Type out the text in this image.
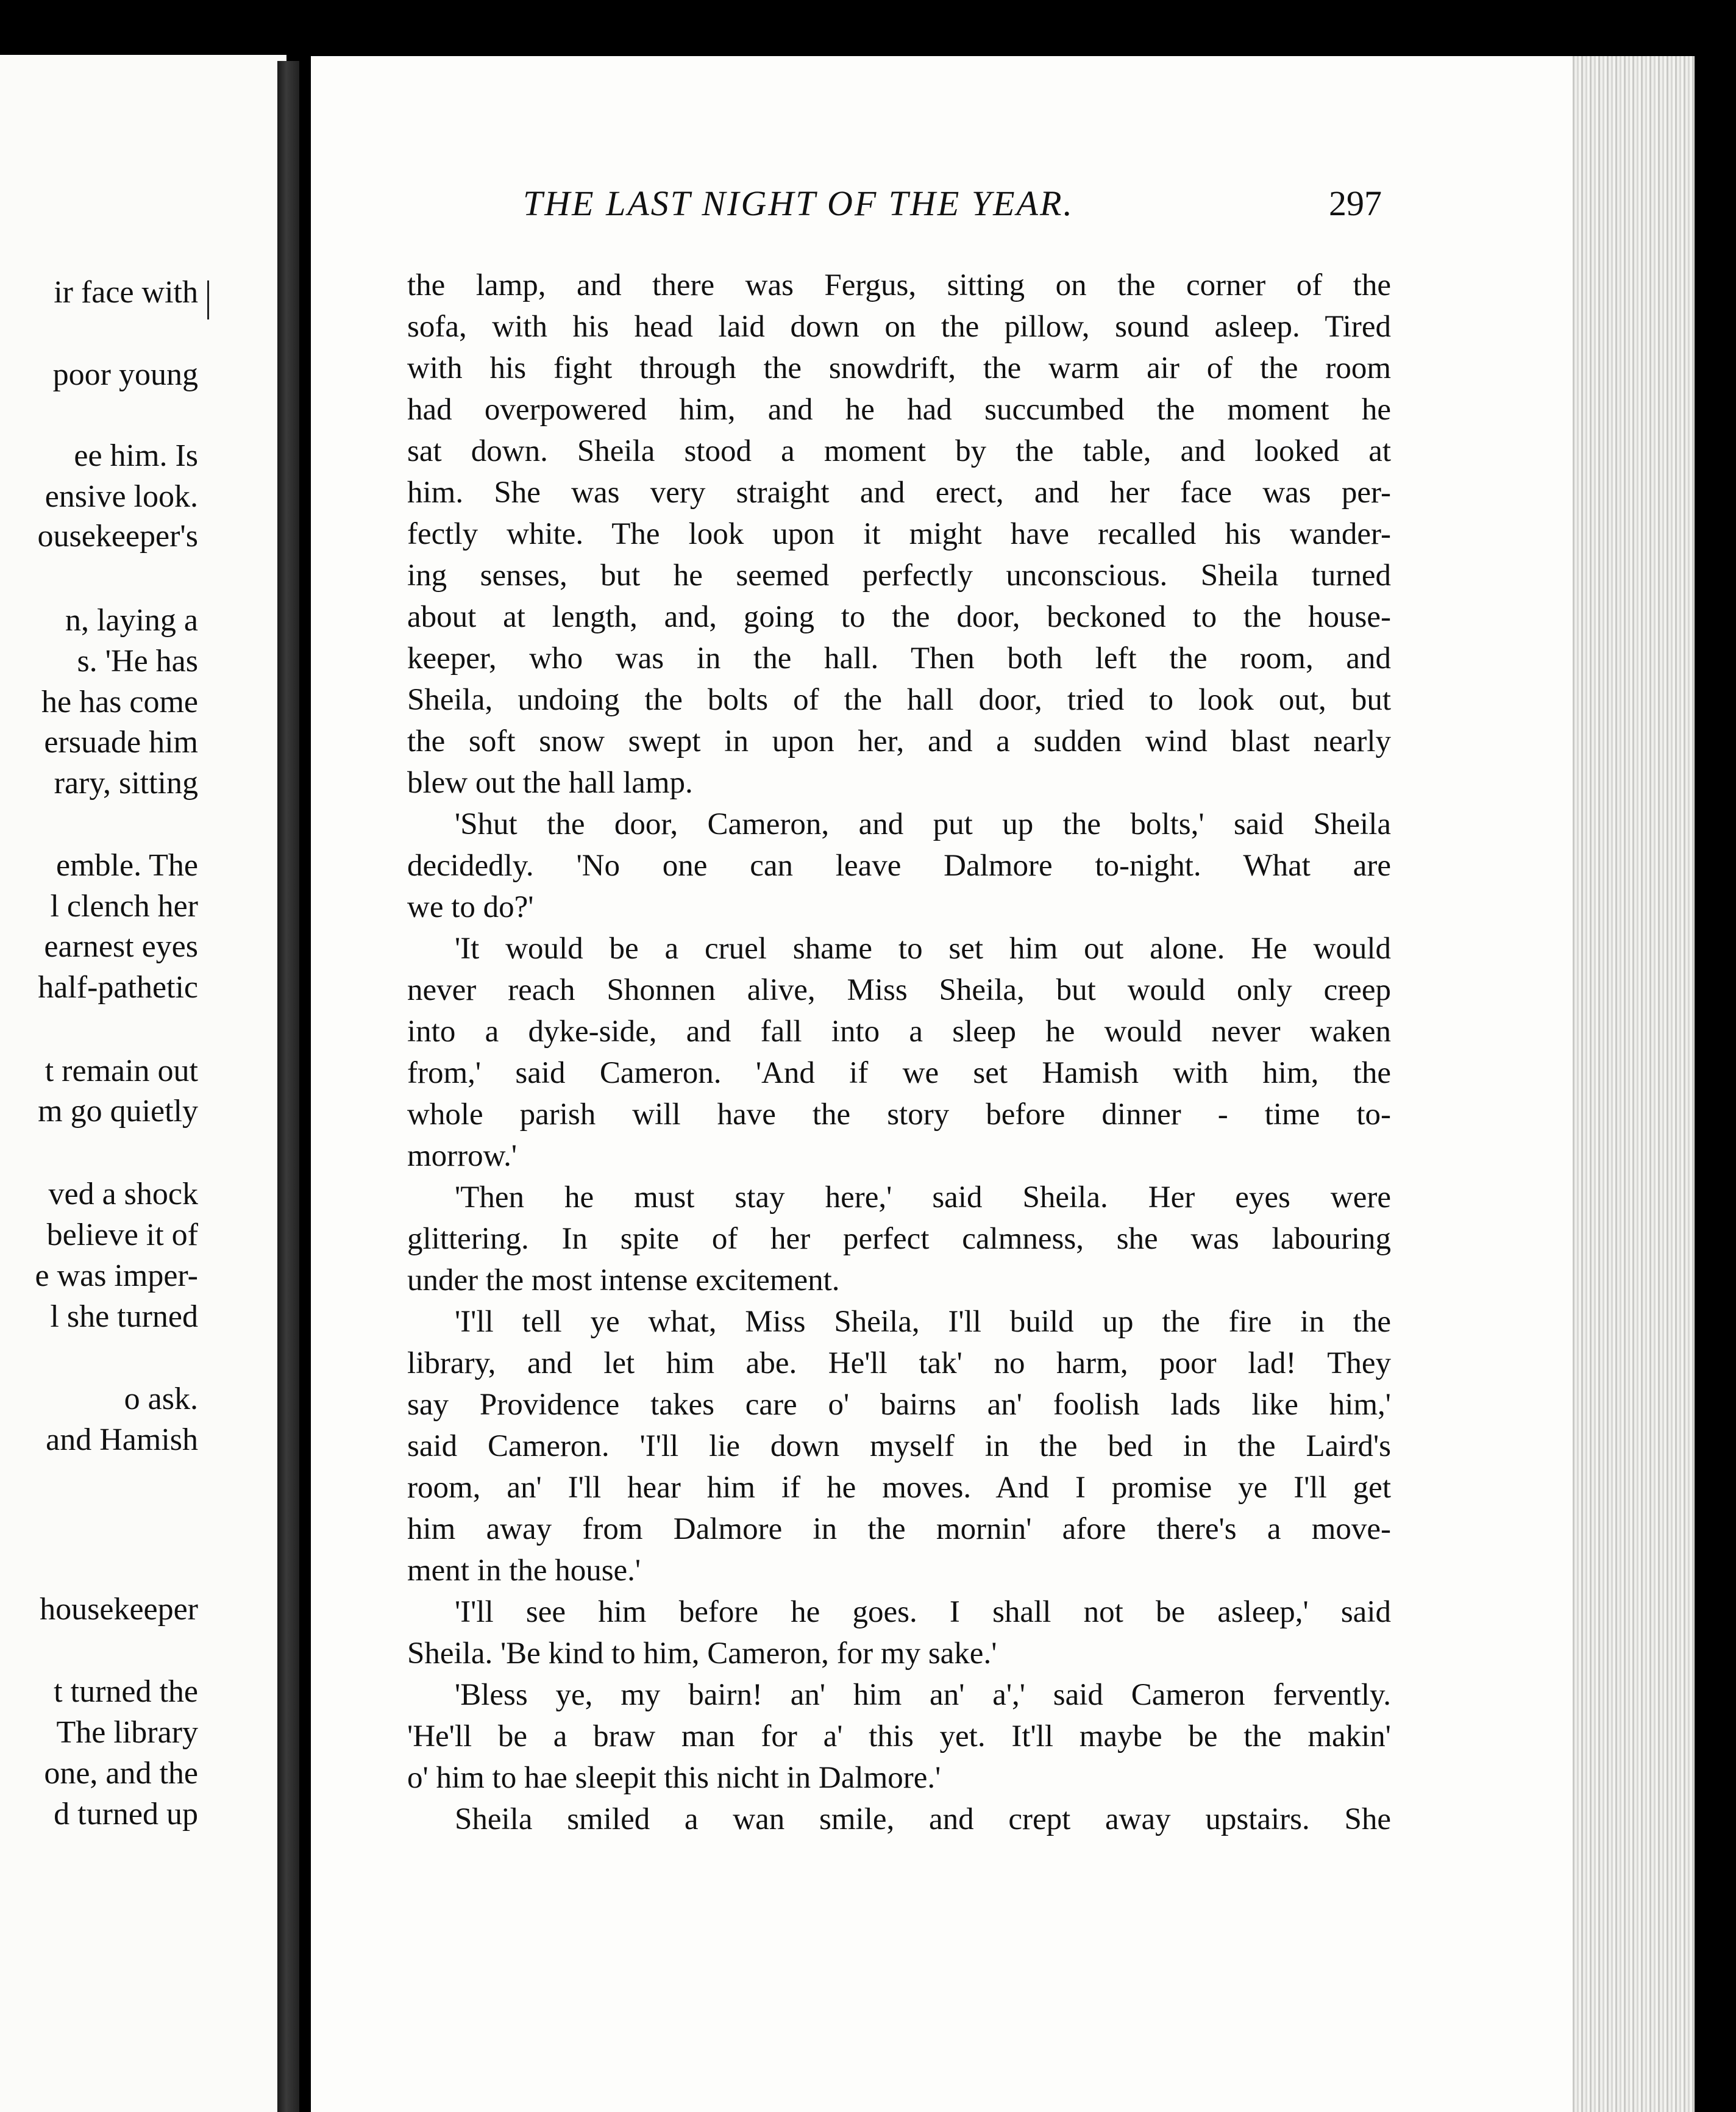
ir face with

poor young

ee him. Is

ensive look.

ousekeeper's

n, laying a

s. 'He has

he has come

ersuade him

rary, sitting

emble. The

l clench her

earnest eyes

half-pathetic

t remain out

m go quietly

ved a shock

believe it of

e was imper-

l she turned

o ask.

and Hamish

housekeeper

t turned the

The library

one, and the

d turned up

THE LAST NIGHT OF THE YEAR.	297

the lamp, and there was Fergus, sitting on the corner of the

sofa, with his head laid down on the pillow, sound asleep. Tired

with his fight through the snowdrift, the warm air of the room

had overpowered him, and he had succumbed the moment he

sat down. Sheila stood a moment by the table, and looked at

him. She was very straight and erect, and her face was per-

fectly white. The look upon it might have recalled his wander-

ing senses, but he seemed perfectly unconscious. Sheila turned

about at length, and, going to the door, beckoned to the house-

keeper, who was in the hall. Then both left the room, and

Sheila, undoing the bolts of the hall door, tried to look out, but

the soft snow swept in upon her, and a sudden wind blast nearly

blew out the hall lamp.

'Shut the door, Cameron, and put up the bolts,' said Sheila

decidedly. 'No one can leave Dalmore to-night. What are

we to do?'

'It would be a cruel shame to set him out alone. He would

never reach Shonnen alive, Miss Sheila, but would only creep

into a dyke-side, and fall into a sleep he would never waken

from,' said Cameron. 'And if we set Hamish with him, the

whole parish will have the story before dinner - time to-

morrow.'

'Then he must stay here,' said Sheila. Her eyes were

glittering. In spite of her perfect calmness, she was labouring

under the most intense excitement.

'I'll tell ye what, Miss Sheila, I'll build up the fire in the

library, and let him abe. He'll tak' no harm, poor lad! They

say Providence takes care o' bairns an' foolish lads like him,'

said Cameron. 'I'll lie down myself in the bed in the Laird's

room, an' I'll hear him if he moves. And I promise ye I'll get

him away from Dalmore in the mornin' afore there's a move-

ment in the house.'

'I'll see him before he goes. I shall not be asleep,' said

Sheila. 'Be kind to him, Cameron, for my sake.'

'Bless ye, my bairn! an' him an' a',' said Cameron fervently.

'He'll be a braw man for a' this yet. It'll maybe be the makin'

o' him to hae sleepit this nicht in Dalmore.'

Sheila smiled a wan smile, and crept away upstairs. She
